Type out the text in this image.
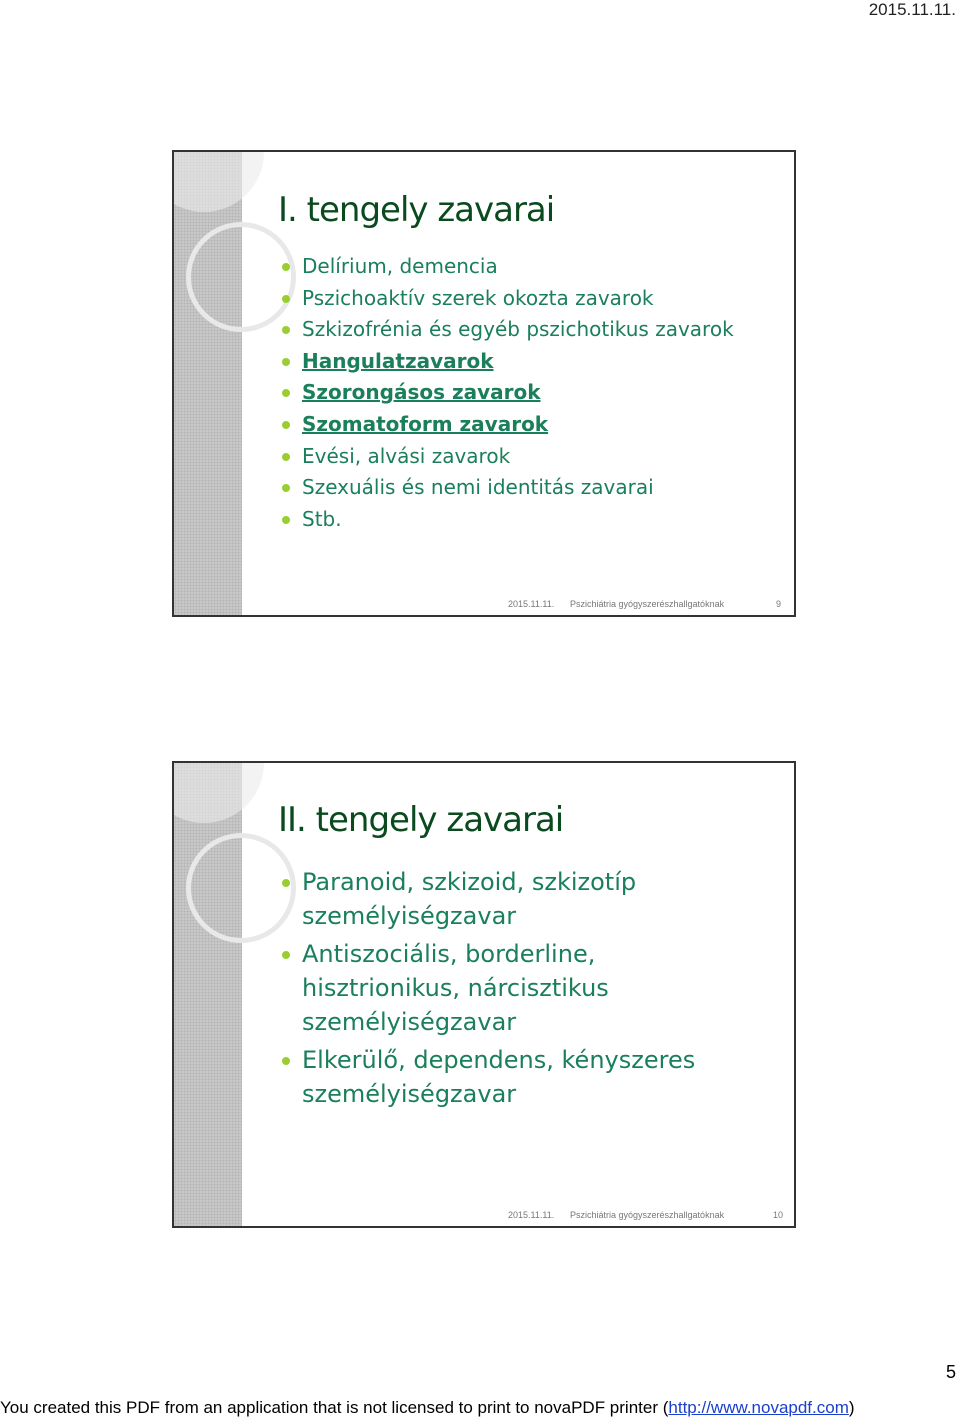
2015.11.11.
I. tengely zavarai
Delírium, demencia
Pszichoaktív szerek okozta zavarok
Szkizofrénia és egyéb pszichotikus zavarok
Hangulatzavarok
Szorongásos zavarok
Szomatoform zavarok
Evési, alvási zavarok
Szexuális és nemi identitás zavarai
Stb.
2015.11.11. Pszichiátria gyógyszerészhallgatóknak	9
II. tengely zavarai
Paranoid, szkizoid, szkizotíp személyiségzavar
Antiszociális, borderline, hisztrionikus, nárcisztikus személyiségzavar
Elkerülő, dependens, kényszeres személyiségzavar
2015.11.11. Pszichiátria gyógyszerészhallgatóknak	10
5
You created this PDF from an application that is not licensed to print to novaPDF printer (http://www.novapdf.com)
